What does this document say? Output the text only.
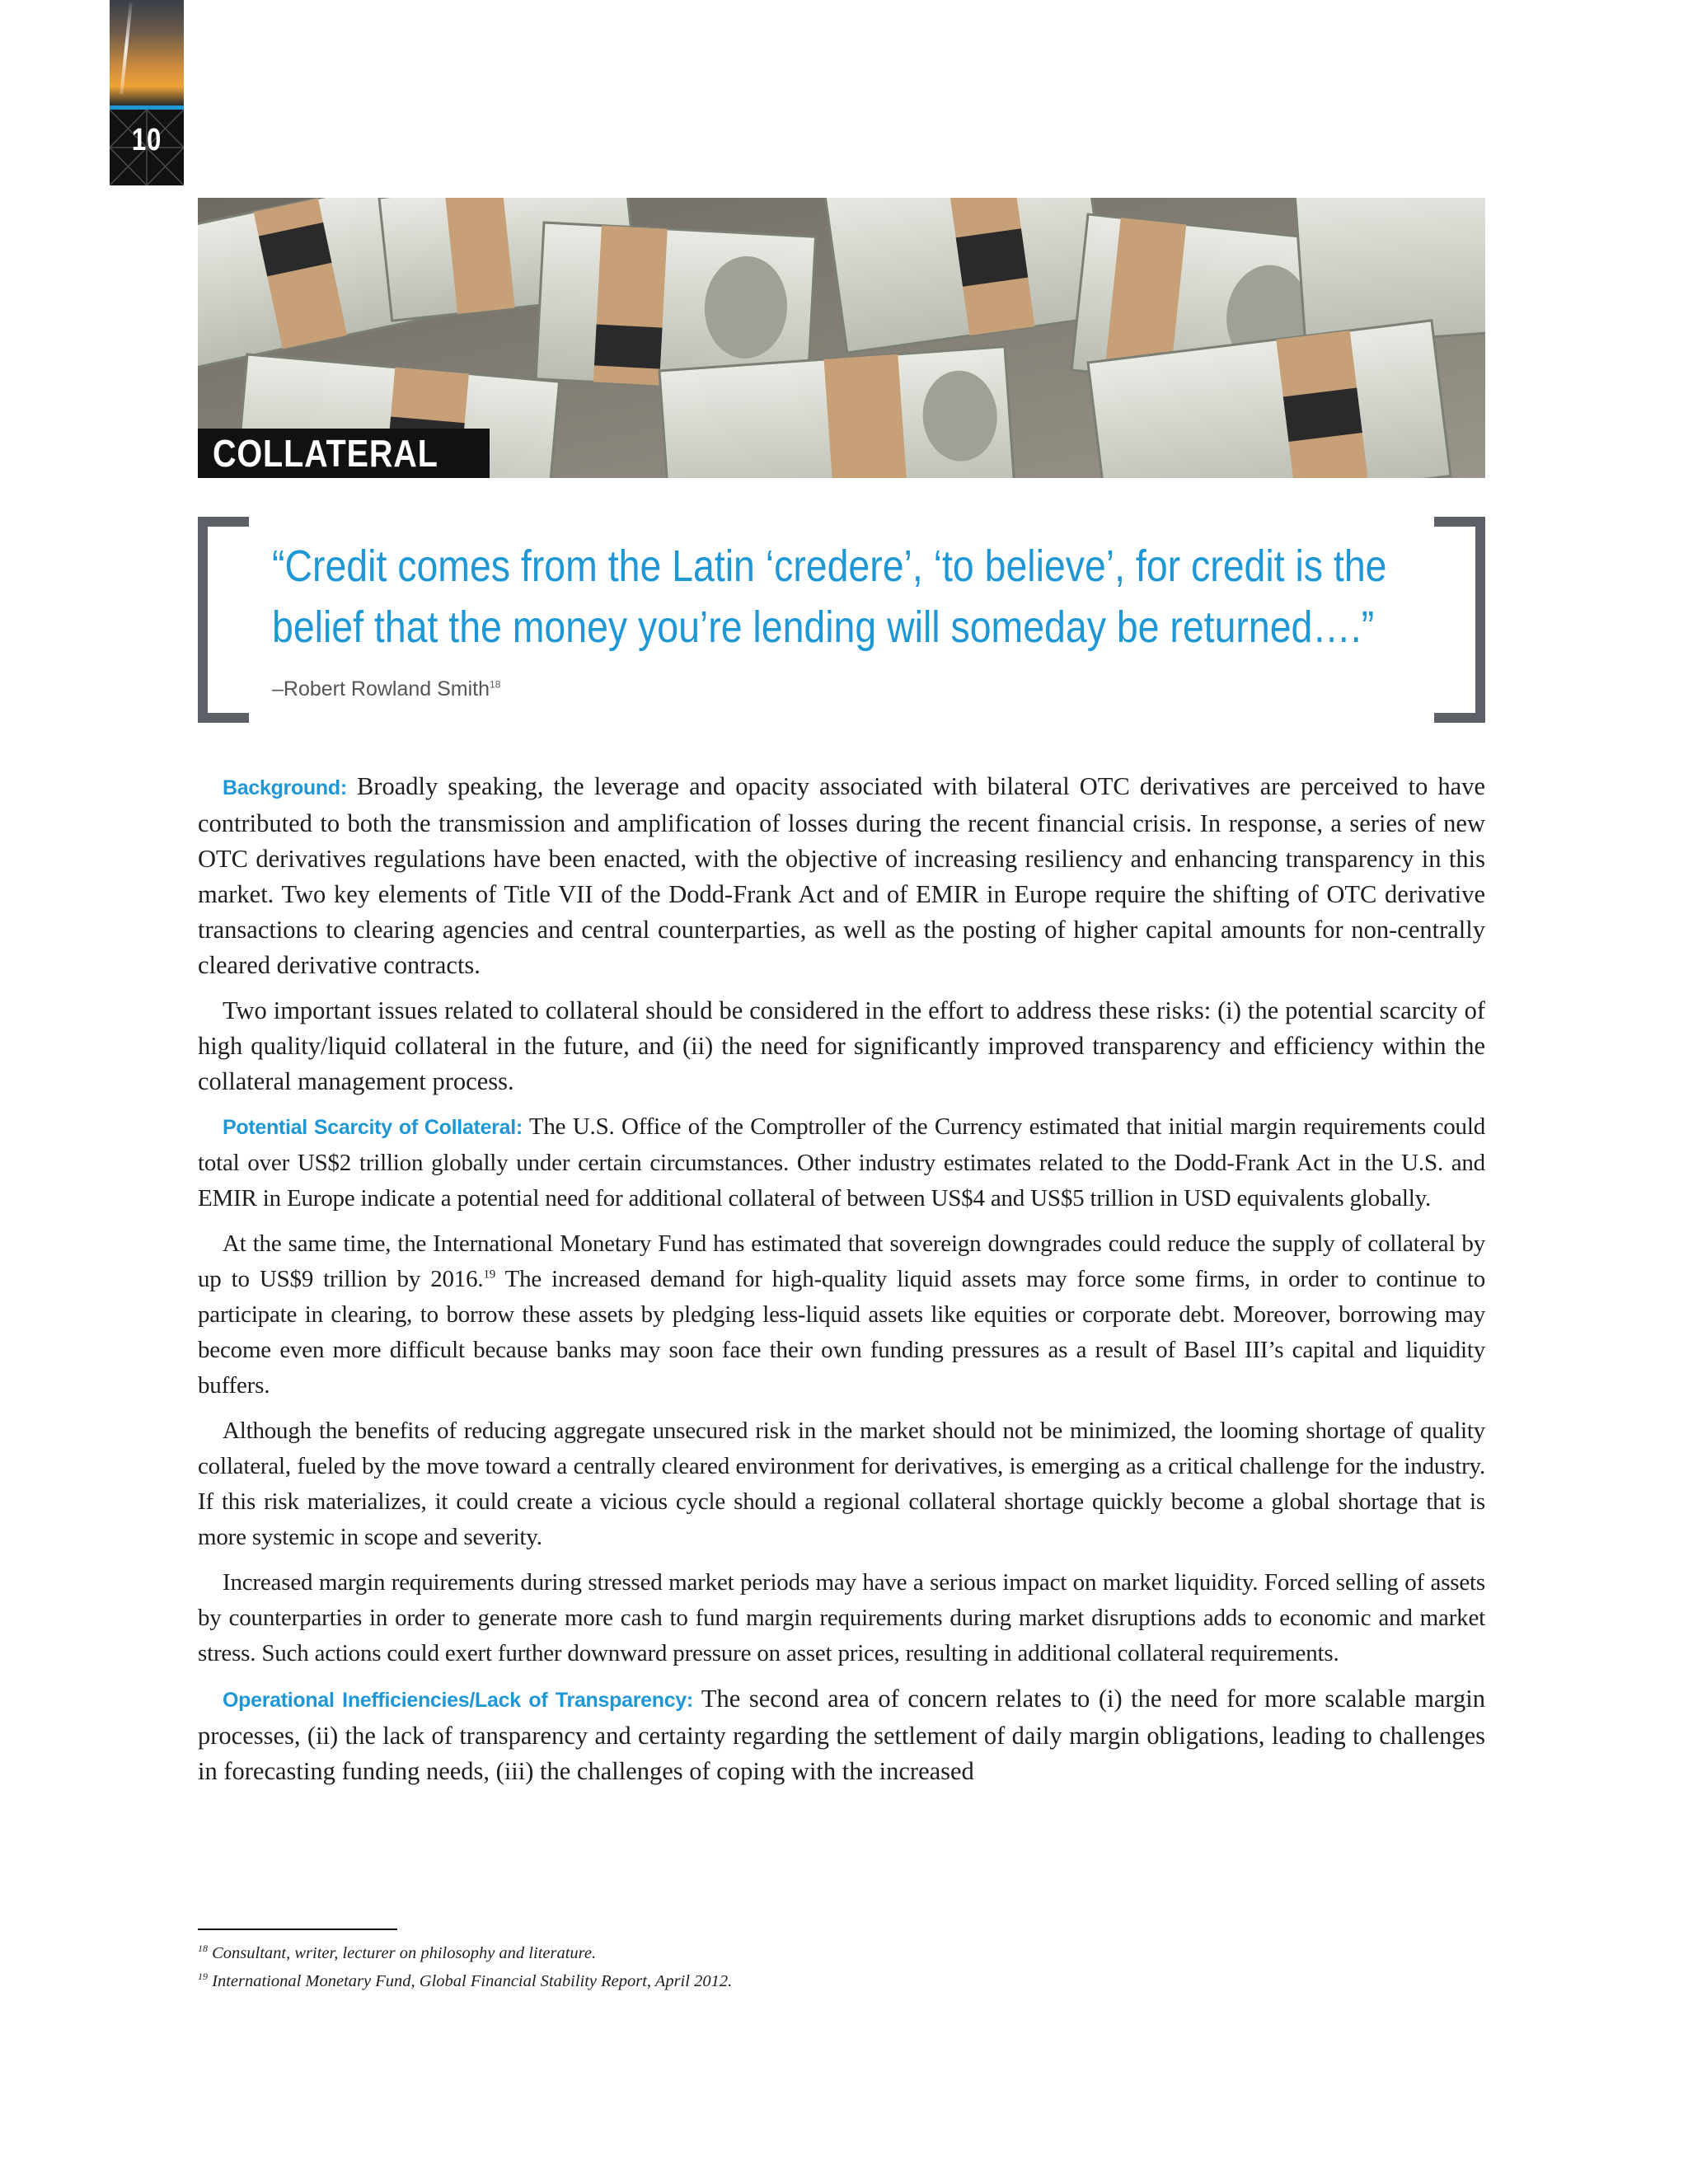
10
COLLATERAL
“Credit comes from the Latin ‘credere’, ‘to believe’, for credit is the belief that the money you’re lending will someday be returned….”
–Robert Rowland Smith$^{18}$

Background: Broadly speaking, the leverage and opacity associated with bilateral OTC derivatives are perceived to have contributed to both the transmission and amplification of losses during the recent financial crisis. In response, a series of new OTC derivatives regulations have been enacted, with the objective of increasing resiliency and enhancing transparency in this market. Two key elements of Title VII of the Dodd-Frank Act and of EMIR in Europe require the shifting of OTC derivative transactions to clearing agencies and central counterparties, as well as the posting of higher capital amounts for non-centrally cleared derivative contracts.

Two important issues related to collateral should be considered in the effort to address these risks: (i) the potential scarcity of high quality/liquid collateral in the future, and (ii) the need for significantly improved transparency and efficiency within the collateral management process.

Potential Scarcity of Collateral: The U.S. Office of the Comptroller of the Currency estimated that initial margin requirements could total over US$2 trillion globally under certain circumstances. Other industry estimates related to the Dodd-Frank Act in the U.S. and EMIR in Europe indicate a potential need for additional collateral of between US$4 and US$5 trillion in USD equivalents globally.

At the same time, the International Monetary Fund has estimated that sovereign downgrades could reduce the supply of collateral by up to US$9 trillion by 2016.19 The increased demand for high-quality liquid assets may force some firms, in order to continue to participate in clearing, to borrow these assets by pledging less-liquid assets like equities or corporate debt. Moreover, borrowing may become even more difficult because banks may soon face their own funding pressures as a result of Basel III’s capital and liquidity buffers.

Although the benefits of reducing aggregate unsecured risk in the market should not be minimized, the looming shortage of quality collateral, fueled by the move toward a centrally cleared environment for derivatives, is emerging as a critical challenge for the industry. If this risk materializes, it could create a vicious cycle should a regional collateral shortage quickly become a global shortage that is more systemic in scope and severity.

Increased margin requirements during stressed market periods may have a serious impact on market liquidity. Forced selling of assets by counterparties in order to generate more cash to fund margin requirements during market disruptions adds to economic and market stress. Such actions could exert further downward pressure on asset prices, resulting in additional collateral requirements.

Operational Inefficiencies/Lack of Transparency: The second area of concern relates to (i) the need for more scalable margin processes, (ii) the lack of transparency and certainty regarding the settlement of daily margin obligations, leading to challenges in forecasting funding needs, (iii) the challenges of coping with the increased

$^{18}$ Consultant, writer, lecturer on philosophy and literature.
$^{19}$ International Monetary Fund, Global Financial Stability Report, April 2012.
